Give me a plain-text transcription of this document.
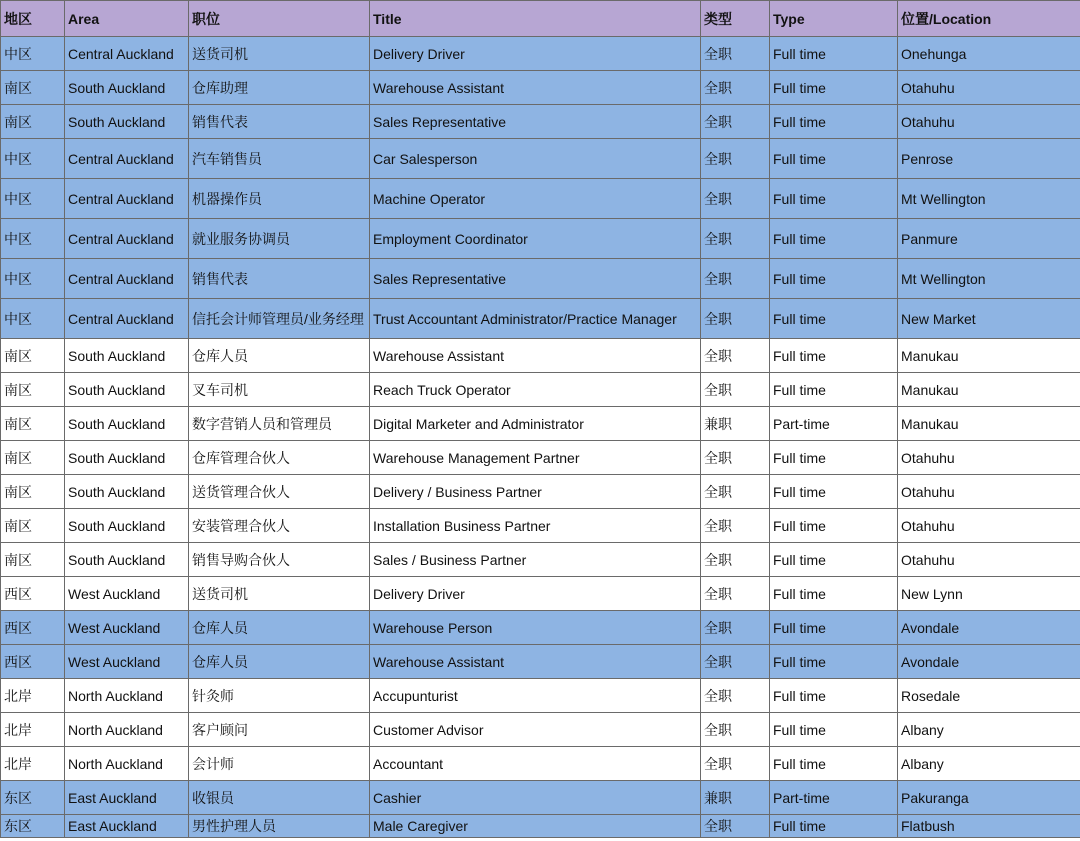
地区	Area	职位	Title	类型	Type	位置/Location
中区	Central Auckland	送货司机	Delivery Driver	全职	Full time	Onehunga
南区	South Auckland	仓库助理	Warehouse Assistant	全职	Full time	Otahuhu
南区	South Auckland	销售代表	Sales Representative	全职	Full time	Otahuhu
中区	Central Auckland	汽车销售员	Car Salesperson	全职	Full time	Penrose
中区	Central Auckland	机器操作员	Machine Operator	全职	Full time	Mt Wellington
中区	Central Auckland	就业服务协调员	Employment Coordinator	全职	Full time	Panmure
中区	Central Auckland	销售代表	Sales Representative	全职	Full time	Mt Wellington
中区	Central Auckland	信托会计师管理员/业务经理	Trust Accountant Administrator/Practice Manager	全职	Full time	New Market
南区	South Auckland	仓库人员	Warehouse Assistant	全职	Full time	Manukau
南区	South Auckland	叉车司机	Reach Truck Operator	全职	Full time	Manukau
南区	South Auckland	数字营销人员和管理员	Digital Marketer and Administrator	兼职	Part-time	Manukau
南区	South Auckland	仓库管理合伙人	Warehouse Management Partner	全职	Full time	Otahuhu
南区	South Auckland	送货管理合伙人	Delivery / Business Partner	全职	Full time	Otahuhu
南区	South Auckland	安装管理合伙人	Installation Business Partner	全职	Full time	Otahuhu
南区	South Auckland	销售导购合伙人	Sales / Business Partner	全职	Full time	Otahuhu
西区	West Auckland	送货司机	Delivery Driver	全职	Full time	New Lynn
西区	West Auckland	仓库人员	Warehouse Person	全职	Full time	Avondale
西区	West Auckland	仓库人员	Warehouse Assistant	全职	Full time	Avondale
北岸	North Auckland	针灸师	Accupunturist	全职	Full time	Rosedale
北岸	North Auckland	客户顾问	Customer Advisor	全职	Full time	Albany
北岸	North Auckland	会计师	Accountant	全职	Full time	Albany
东区	East Auckland	收银员	Cashier	兼职	Part-time	Pakuranga
东区	East Auckland	男性护理人员	Male Caregiver	全职	Full time	Flatbush
